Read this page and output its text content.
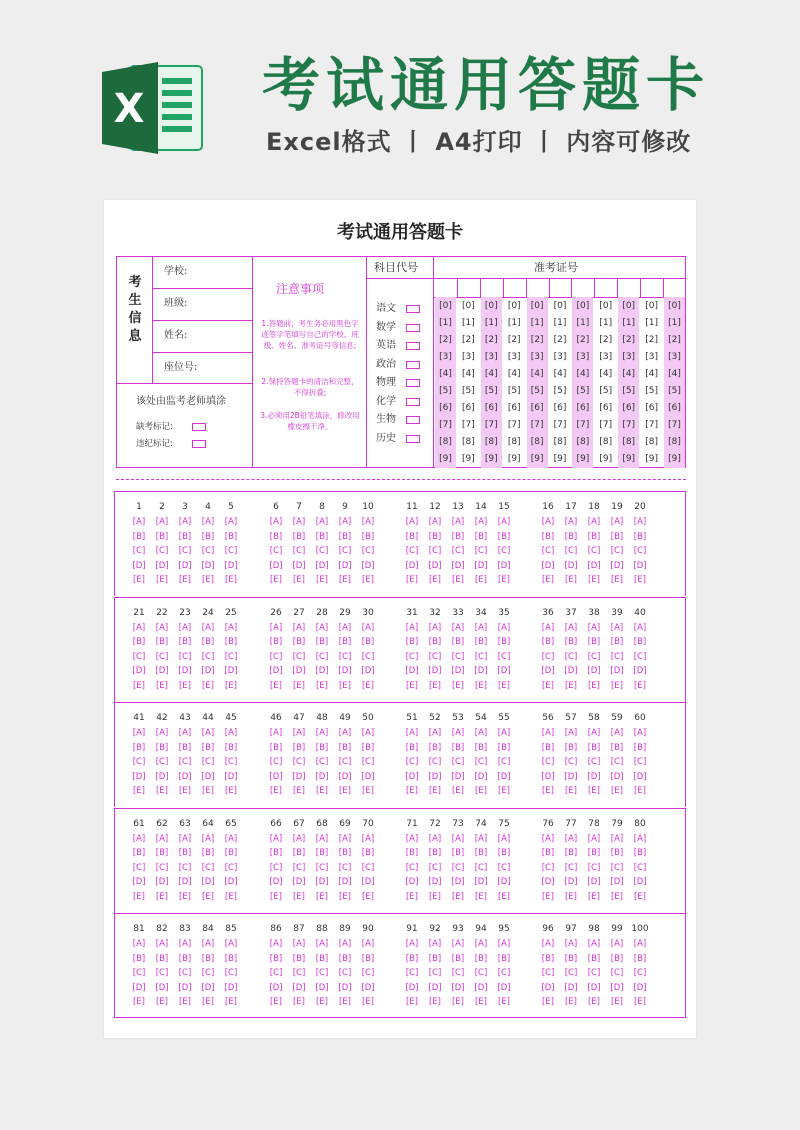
X 考试通用答题卡
Excel格式 丨 A4打印 丨 内容可修改
考试通用答题卡
考
生
信
息
学校:
班级:
姓名:
座位号:
该处由监考老师填涂
缺考标记:
违纪标记:
注意事项
1.答题前，考生务必用黑色字迹签字笔填写自己的学校、班级、姓名、准考证号等信息;
2.保持答题卡的清洁和完整，不得折叠;
3.必须用2B铅笔填涂，修改用橡皮擦干净。
科目代号
语文
数学
英语
政治
物理
化学
生物
历史
准考证号
[0]
[1]
[2]
[3]
[4]
[5]
[6]
[7]
[8]
[9]
[0]
[1]
[2]
[3]
[4]
[5]
[6]
[7]
[8]
[9]
[0]
[1]
[2]
[3]
[4]
[5]
[6]
[7]
[8]
[9]
[0]
[1]
[2]
[3]
[4]
[5]
[6]
[7]
[8]
[9]
[0]
[1]
[2]
[3]
[4]
[5]
[6]
[7]
[8]
[9]
[0]
[1]
[2]
[3]
[4]
[5]
[6]
[7]
[8]
[9]
[0]
[1]
[2]
[3]
[4]
[5]
[6]
[7]
[8]
[9]
[0]
[1]
[2]
[3]
[4]
[5]
[6]
[7]
[8]
[9]
[0]
[1]
[2]
[3]
[4]
[5]
[6]
[7]
[8]
[9]
[0]
[1]
[2]
[3]
[4]
[5]
[6]
[7]
[8]
[9]
[0]
[1]
[2]
[3]
[4]
[5]
[6]
[7]
[8]
[9]
1
[A]
[B]
[C]
[D]
[E]
2
[A]
[B]
[C]
[D]
[E]
3
[A]
[B]
[C]
[D]
[E]
4
[A]
[B]
[C]
[D]
[E]
5
[A]
[B]
[C]
[D]
[E]
6
[A]
[B]
[C]
[D]
[E]
7
[A]
[B]
[C]
[D]
[E]
8
[A]
[B]
[C]
[D]
[E]
9
[A]
[B]
[C]
[D]
[E]
10
[A]
[B]
[C]
[D]
[E]
11
[A]
[B]
[C]
[D]
[E]
12
[A]
[B]
[C]
[D]
[E]
13
[A]
[B]
[C]
[D]
[E]
14
[A]
[B]
[C]
[D]
[E]
15
[A]
[B]
[C]
[D]
[E]
16
[A]
[B]
[C]
[D]
[E]
17
[A]
[B]
[C]
[D]
[E]
18
[A]
[B]
[C]
[D]
[E]
19
[A]
[B]
[C]
[D]
[E]
20
[A]
[B]
[C]
[D]
[E]
21
[A]
[B]
[C]
[D]
[E]
22
[A]
[B]
[C]
[D]
[E]
23
[A]
[B]
[C]
[D]
[E]
24
[A]
[B]
[C]
[D]
[E]
25
[A]
[B]
[C]
[D]
[E]
26
[A]
[B]
[C]
[D]
[E]
27
[A]
[B]
[C]
[D]
[E]
28
[A]
[B]
[C]
[D]
[E]
29
[A]
[B]
[C]
[D]
[E]
30
[A]
[B]
[C]
[D]
[E]
31
[A]
[B]
[C]
[D]
[E]
32
[A]
[B]
[C]
[D]
[E]
33
[A]
[B]
[C]
[D]
[E]
34
[A]
[B]
[C]
[D]
[E]
35
[A]
[B]
[C]
[D]
[E]
36
[A]
[B]
[C]
[D]
[E]
37
[A]
[B]
[C]
[D]
[E]
38
[A]
[B]
[C]
[D]
[E]
39
[A]
[B]
[C]
[D]
[E]
40
[A]
[B]
[C]
[D]
[E]
41
[A]
[B]
[C]
[D]
[E]
42
[A]
[B]
[C]
[D]
[E]
43
[A]
[B]
[C]
[D]
[E]
44
[A]
[B]
[C]
[D]
[E]
45
[A]
[B]
[C]
[D]
[E]
46
[A]
[B]
[C]
[D]
[E]
47
[A]
[B]
[C]
[D]
[E]
48
[A]
[B]
[C]
[D]
[E]
49
[A]
[B]
[C]
[D]
[E]
50
[A]
[B]
[C]
[D]
[E]
51
[A]
[B]
[C]
[D]
[E]
52
[A]
[B]
[C]
[D]
[E]
53
[A]
[B]
[C]
[D]
[E]
54
[A]
[B]
[C]
[D]
[E]
55
[A]
[B]
[C]
[D]
[E]
56
[A]
[B]
[C]
[D]
[E]
57
[A]
[B]
[C]
[D]
[E]
58
[A]
[B]
[C]
[D]
[E]
59
[A]
[B]
[C]
[D]
[E]
60
[A]
[B]
[C]
[D]
[E]
61
[A]
[B]
[C]
[D]
[E]
62
[A]
[B]
[C]
[D]
[E]
63
[A]
[B]
[C]
[D]
[E]
64
[A]
[B]
[C]
[D]
[E]
65
[A]
[B]
[C]
[D]
[E]
66
[A]
[B]
[C]
[D]
[E]
67
[A]
[B]
[C]
[D]
[E]
68
[A]
[B]
[C]
[D]
[E]
69
[A]
[B]
[C]
[D]
[E]
70
[A]
[B]
[C]
[D]
[E]
71
[A]
[B]
[C]
[D]
[E]
72
[A]
[B]
[C]
[D]
[E]
73
[A]
[B]
[C]
[D]
[E]
74
[A]
[B]
[C]
[D]
[E]
75
[A]
[B]
[C]
[D]
[E]
76
[A]
[B]
[C]
[D]
[E]
77
[A]
[B]
[C]
[D]
[E]
78
[A]
[B]
[C]
[D]
[E]
79
[A]
[B]
[C]
[D]
[E]
80
[A]
[B]
[C]
[D]
[E]
81
[A]
[B]
[C]
[D]
[E]
82
[A]
[B]
[C]
[D]
[E]
83
[A]
[B]
[C]
[D]
[E]
84
[A]
[B]
[C]
[D]
[E]
85
[A]
[B]
[C]
[D]
[E]
86
[A]
[B]
[C]
[D]
[E]
87
[A]
[B]
[C]
[D]
[E]
88
[A]
[B]
[C]
[D]
[E]
89
[A]
[B]
[C]
[D]
[E]
90
[A]
[B]
[C]
[D]
[E]
91
[A]
[B]
[C]
[D]
[E]
92
[A]
[B]
[C]
[D]
[E]
93
[A]
[B]
[C]
[D]
[E]
94
[A]
[B]
[C]
[D]
[E]
95
[A]
[B]
[C]
[D]
[E]
96
[A]
[B]
[C]
[D]
[E]
97
[A]
[B]
[C]
[D]
[E]
98
[A]
[B]
[C]
[D]
[E]
99
[A]
[B]
[C]
[D]
[E]
100
[A]
[B]
[C]
[D]
[E]
